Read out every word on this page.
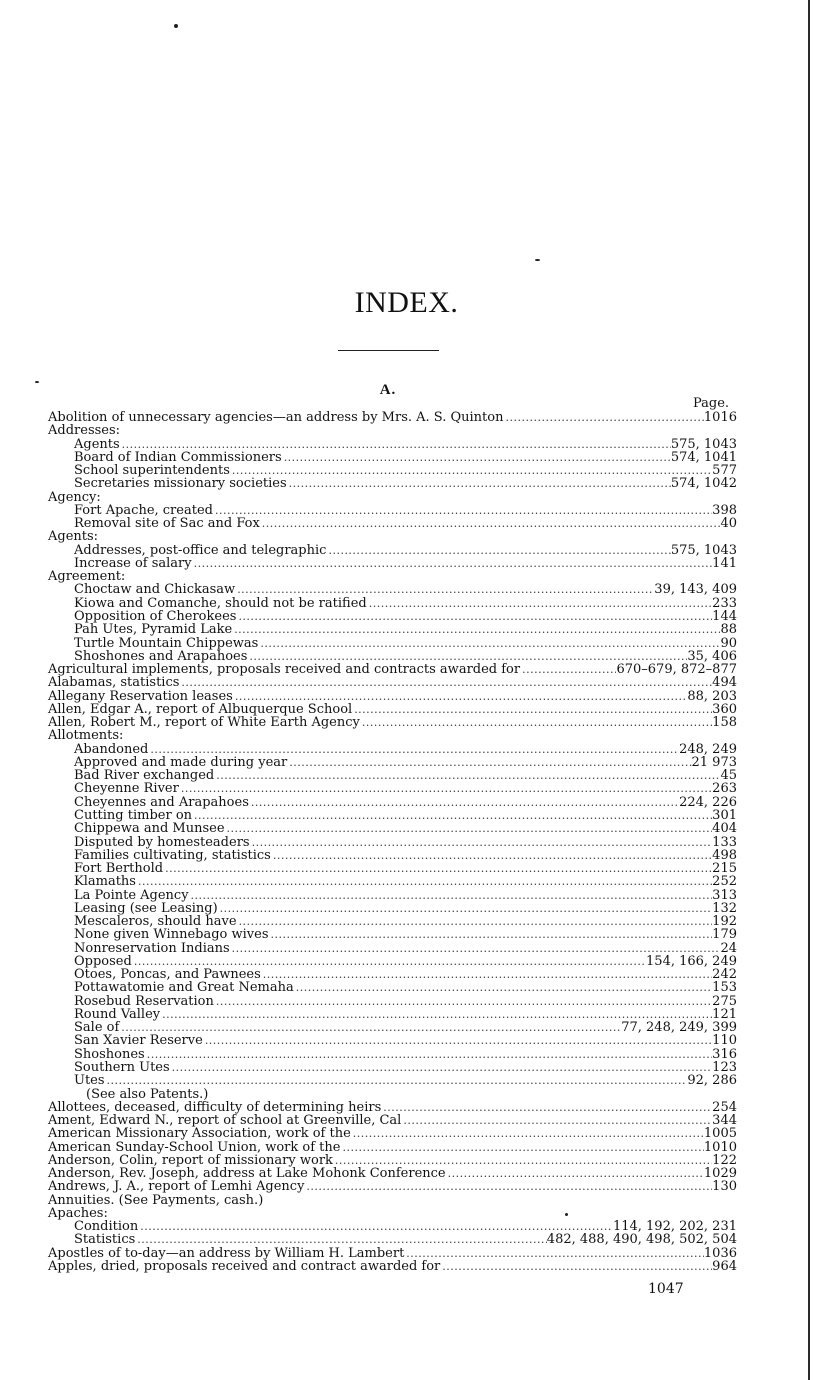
INDEX.
A.
Page.
Abolition of unnecessary agencies—an address by Mrs. A. S. Quinton .....	1016
Addresses:
Agents .....	575, 1043
Board of Indian Commissioners .....	574, 1041
School superintendents .....	577
Secretaries missionary societies .....	574, 1042
Agency:
Fort Apache, created .....	398
Removal site of Sac and Fox .....	40
Agents:
Addresses, post-office and telegraphic .....	575, 1043
Increase of salary .....	141
Agreement:
Choctaw and Chickasaw .....	39, 143, 409
Kiowa and Comanche, should not be ratified .....	233
Opposition of Cherokees .....	144
Pah Utes, Pyramid Lake .....	88
Turtle Mountain Chippewas .....	90
Shoshones and Arapahoes .....	35, 406
Agricultural implements, proposals received and contracts awarded for .....	670–679, 872–877
Alabamas, statistics .....	494
Allegany Reservation leases .....	88, 203
Allen, Edgar A., report of Albuquerque School .....	360
Allen, Robert M., report of White Earth Agency .....	158
Allotments:
Abandoned .....	248, 249
Approved and made during year .....	21 973
Bad River exchanged .....	45
Cheyenne River .....	263
Cheyennes and Arapahoes .....	224, 226
Cutting timber on .....	301
Chippewa and Munsee .....	404
Disputed by homesteaders .....	133
Families cultivating, statistics .....	498
Fort Berthold .....	215
Klamaths .....	252
La Pointe Agency .....	313
Leasing (see Leasing) .....	132
Mescaleros, should have .....	192
None given Winnebago wives .....	179
Nonreservation Indians .....	24
Opposed .....	154, 166, 249
Otoes, Poncas, and Pawnees .....	242
Pottawatomie and Great Nemaha .....	153
Rosebud Reservation .....	275
Round Valley .....	121
Sale of .....	77, 248, 249, 399
San Xavier Reserve .....	110
Shoshones .....	316
Southern Utes .....	123
Utes .....	92, 286
(See also Patents.)
Allottees, deceased, difficulty of determining heirs .....	254
Ament, Edward N., report of school at Greenville, Cal .....	344
American Missionary Association, work of the .....	1005
American Sunday-School Union, work of the .....	1010
Anderson, Colin, report of missionary work .....	122
Anderson, Rev. Joseph, address at Lake Mohonk Conference .....	1029
Andrews, J. A., report of Lemhi Agency .....	130
Annuities. (See Payments, cash.)
Apaches:
Condition .....	114, 192, 202, 231
Statistics .....	482, 488, 490, 498, 502, 504
Apostles of to-day—an address by William H. Lambert .....	1036
Apples, dried, proposals received and contract awarded for .....	964
1047
